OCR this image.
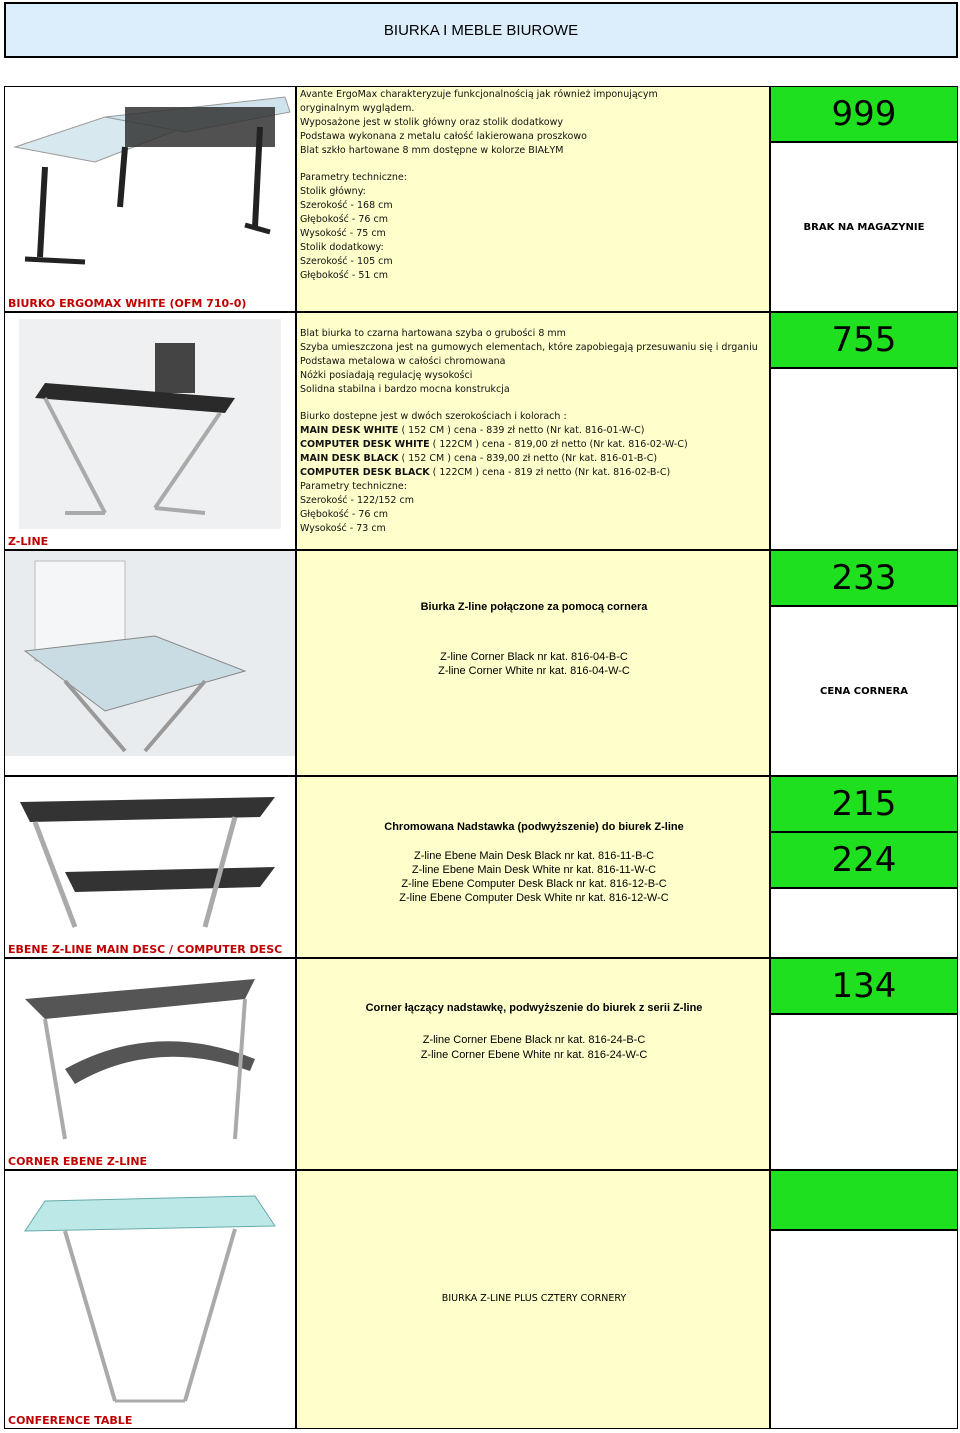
BIURKA I MEBLE BIUROWE
BIURKO ERGOMAX WHITE (OFM 710-0)
Avante ErgoMax charakteryzuje funkcjonalnością jak również imponującym
oryginalnym wyglądem.
Wyposażone jest w stolik główny oraz stolik dodatkowy
Podstawa wykonana z metalu całość lakierowana proszkowo
Blat szkło hartowane 8 mm dostępne w kolorze BIAŁYM
Parametry techniczne:
Stolik główny:
Szerokość - 168 cm
Głębokość - 76 cm
Wysokość - 75 cm
Stolik dodatkowy:
Szerokość - 105 cm
Głębokość - 51 cm
999
BRAK NA MAGAZYNIE
Z-LINE
Blat biurka to czarna hartowana szyba o grubości 8 mm
Szyba umieszczona jest na gumowych elementach, które zapobiegają przesuwaniu się i drganiu
Podstawa metalowa w całości chromowana
Nóżki posiadają regulację wysokości
Solidna stabilna i bardzo mocna konstrukcja
Biurko dostepne jest w dwóch szerokościach i kolorach :
MAIN DESK WHITE ( 152 CM ) cena - 839 zł netto (Nr kat. 816-01-W-C)
COMPUTER DESK WHITE ( 122CM ) cena - 819,00 zł netto (Nr kat. 816-02-W-C)
MAIN DESK BLACK ( 152 CM ) cena - 839,00 zł netto (Nr kat. 816-01-B-C)
COMPUTER DESK BLACK ( 122CM ) cena - 819 zł netto (Nr kat. 816-02-B-C)
Parametry techniczne:
Szerokość - 122/152 cm
Głębokość - 76 cm
Wysokość - 73 cm
755
Biurka Z-line połączone za pomocą cornera
Z-line Corner Black nr kat. 816-04-B-C
Z-line Corner White nr kat. 816-04-W-C
233
CENA CORNERA
EBENE Z-LINE MAIN DESC / COMPUTER DESC
Chromowana Nadstawka (podwyższenie) do biurek Z-line
Z-line Ebene Main Desk Black nr kat. 816-11-B-C
Z-line Ebene Main Desk White nr kat. 816-11-W-C
Z-line Ebene Computer Desk Black nr kat. 816-12-B-C
Z-line Ebene Computer Desk White nr kat. 816-12-W-C
215
224
CORNER EBENE Z-LINE
Corner łączący nadstawkę, podwyższenie do biurek z serii Z-line
Z-line Corner Ebene Black nr kat. 816-24-B-C
Z-line Corner Ebene White nr kat. 816-24-W-C
134
CONFERENCE TABLE
BIURKA Z-LINE PLUS CZTERY CORNERY
